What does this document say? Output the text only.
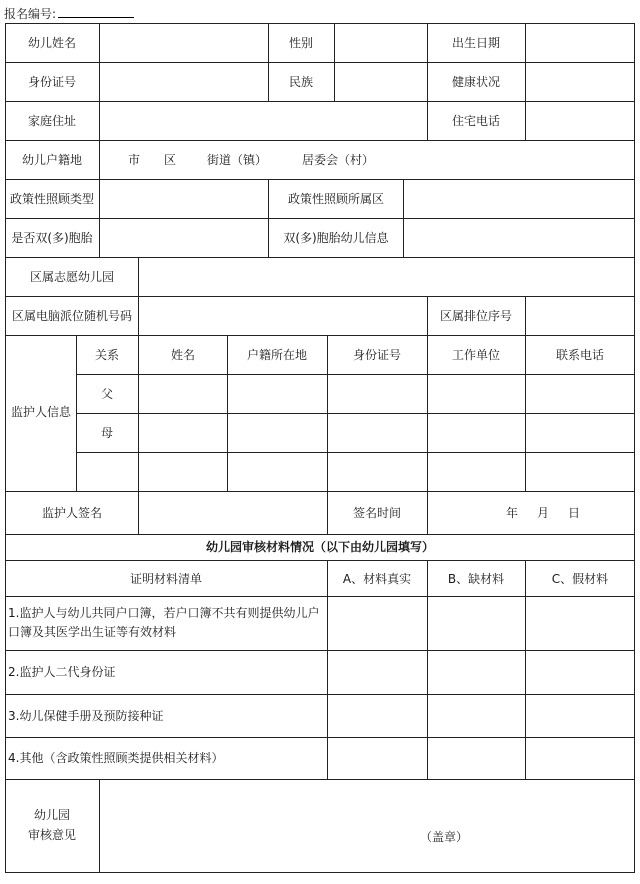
报名编号:
幼儿姓名	性别	出生日期
身份证号	民族	健康状况
家庭住址	住宅电话
幼儿户籍地	市 区	街道（镇）	居委会（村）
政策性照顾类型	政策性照顾所属区
是否双(多)胞胎	双(多)胞胎幼儿信息
区属志愿幼儿园
区属电脑派位随机号码	区属排位序号
监护人信息
关系	姓名	户籍所在地	身份证号	工作单位	联系电话
父
母
监护人签名	签名时间	年 月 日
幼儿园审核材料情况（以下由幼儿园填写）
证明材料清单	A、材料真实	B、缺材料	C、假材料
1.监护人与幼儿共同户口簿，若户口簿不共有则提供幼儿户口簿及其医学出生证等有效材料
2.监护人二代身份证
3.幼儿保健手册及预防接种证
4.其他（含政策性照顾类提供相关材料）
幼儿园
审核意见	（盖章）
